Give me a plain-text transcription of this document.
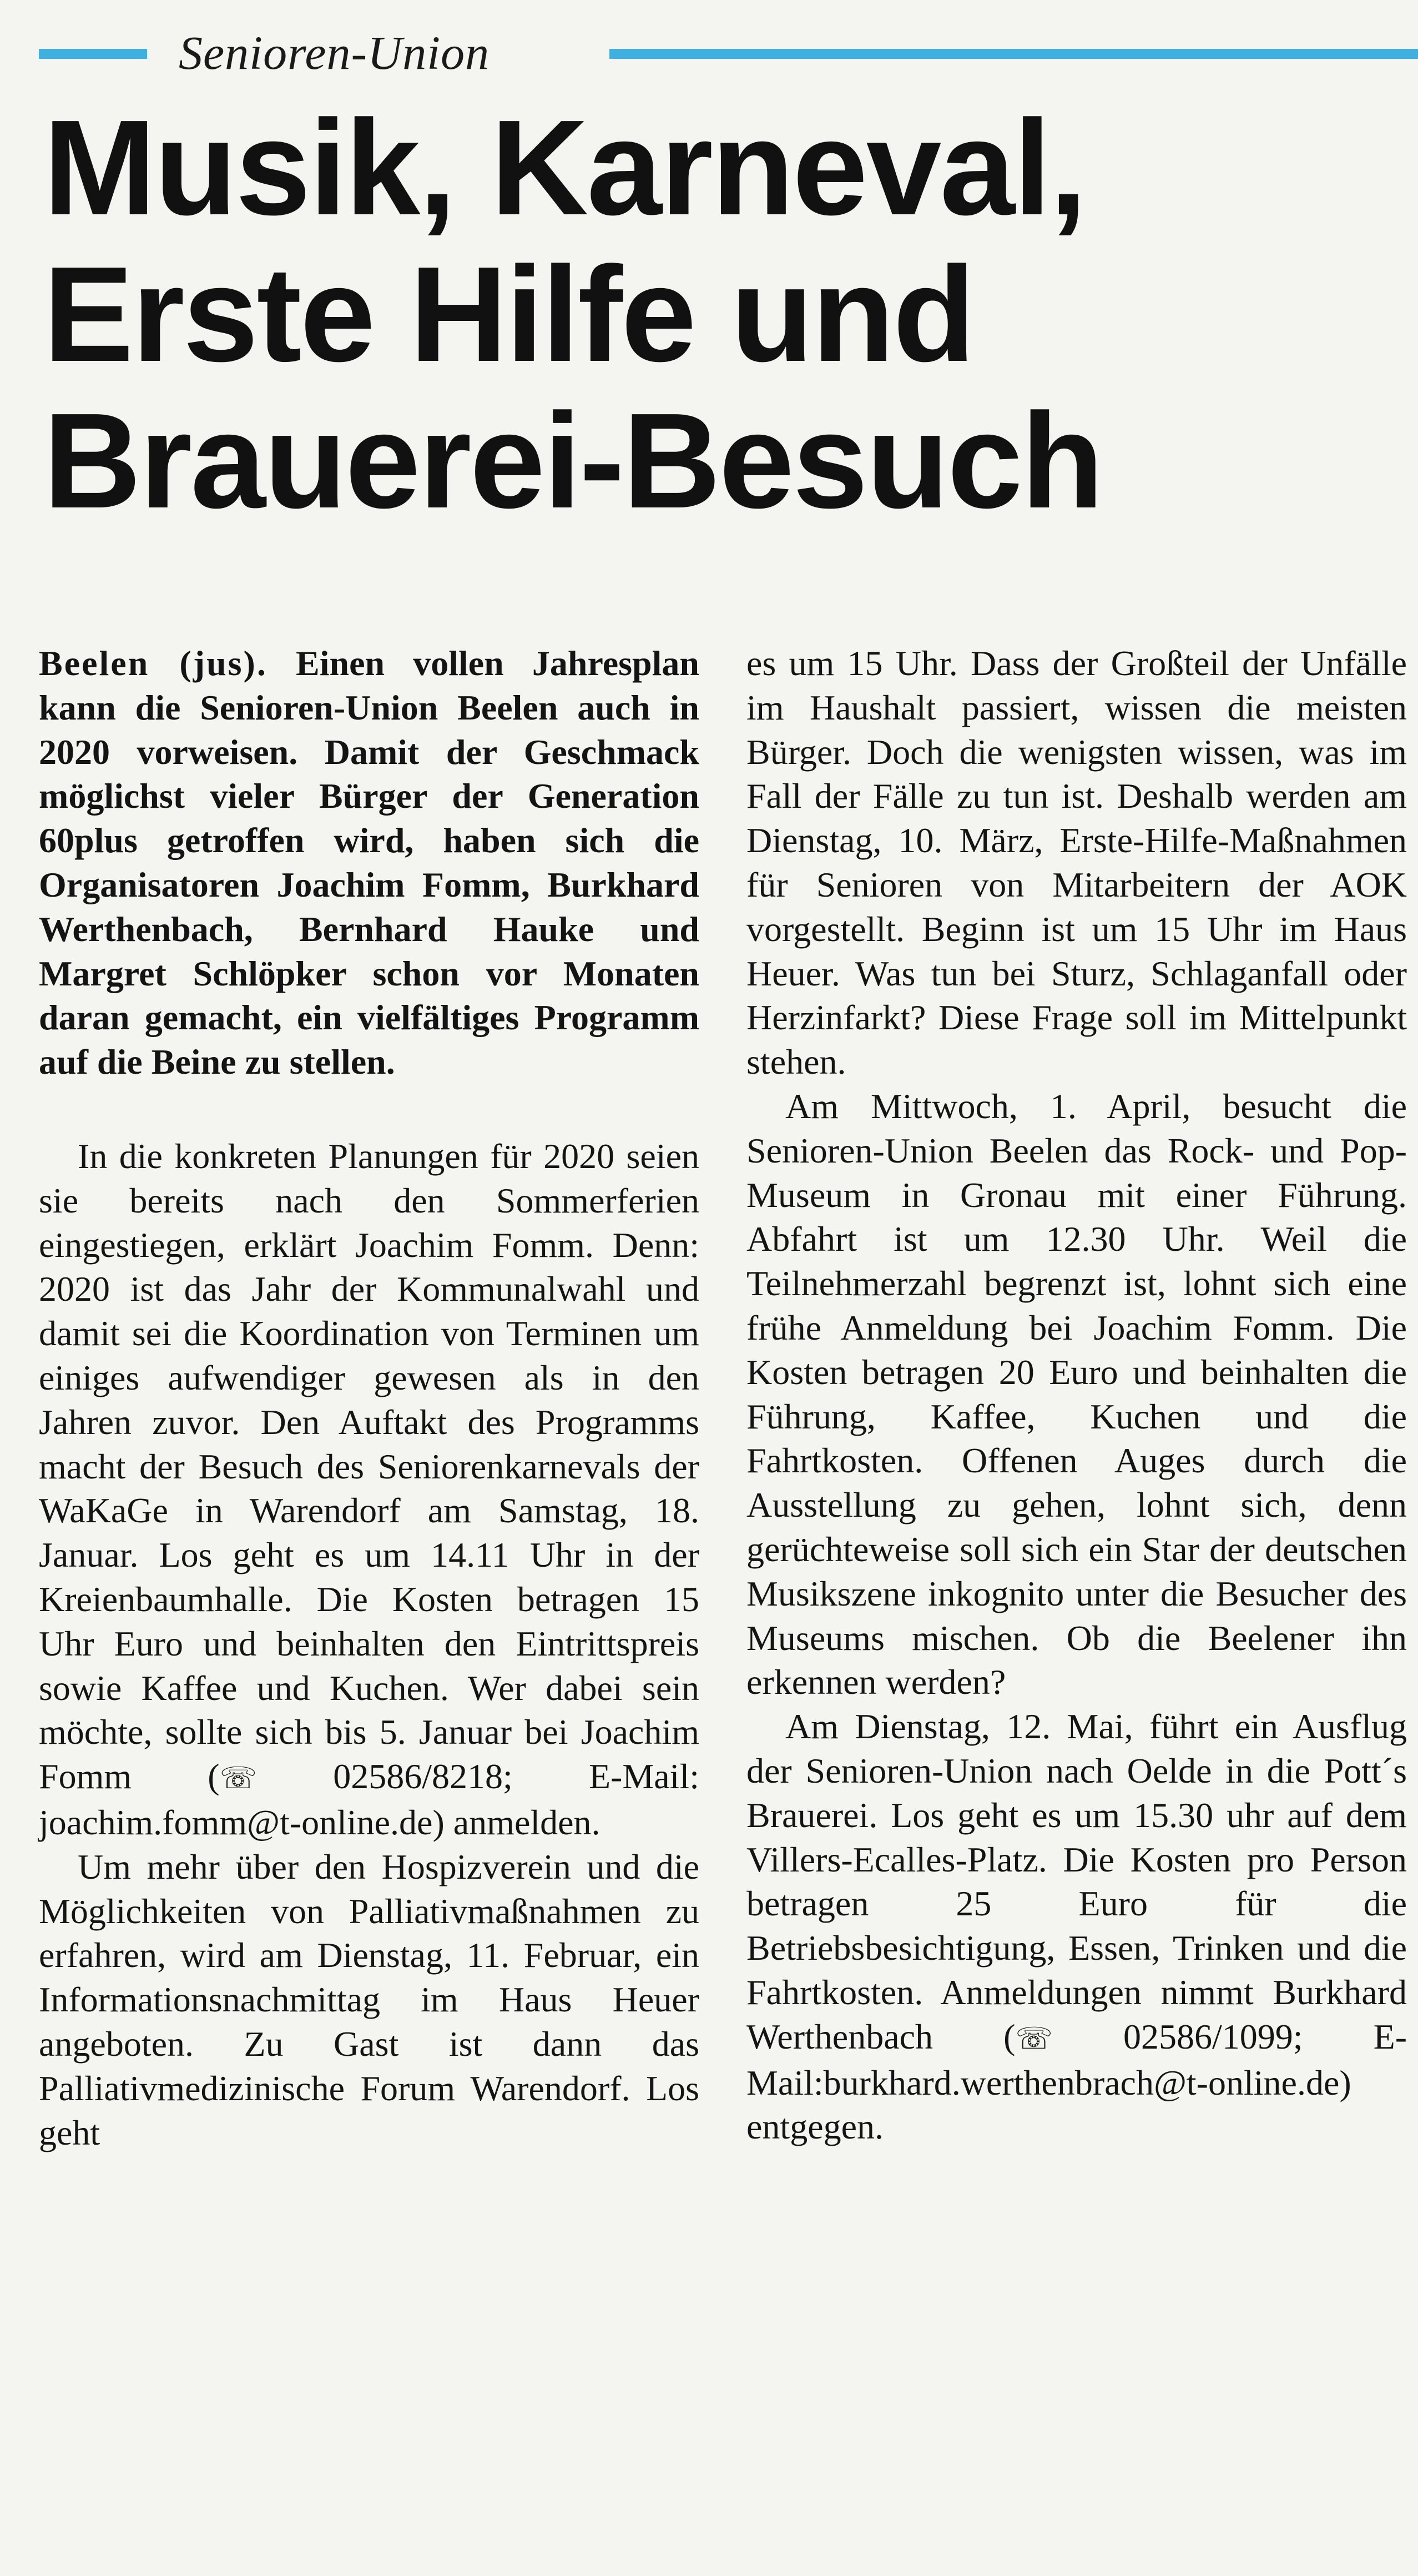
Senioren-Union
Musik, Karneval,
Erste Hilfe und
Brauerei-Besuch

Beelen (jus). Einen vollen Jahresplan kann die Senioren-Union Beelen auch in 2020 vorweisen. Damit der Geschmack möglichst vieler Bürger der Generation 60plus getroffen wird, haben sich die Organisatoren Joachim Fomm, Burkhard Werthenbach, Bernhard Hauke und Margret Schlöpker schon vor Monaten daran gemacht, ein vielfältiges Programm auf die Beine zu stellen.

In die konkreten Planungen für 2020 seien sie bereits nach den Sommerferien eingestiegen, erklärt Joachim Fomm. Denn: 2020 ist das Jahr der Kommunalwahl und damit sei die Koordination von Terminen um einiges aufwendiger gewesen als in den Jahren zuvor. Den Auftakt des Programms macht der Besuch des Seniorenkarnevals der WaKaGe in Warendorf am Samstag, 18. Januar. Los geht es um 14.11 Uhr in der Kreienbaumhalle. Die Kosten betragen 15 Uhr Euro und beinhalten den Eintrittspreis sowie Kaffee und Kuchen. Wer dabei sein möchte, sollte sich bis 5. Januar bei Joachim Fomm (☏ 02586/8218; E-Mail: joachim.fomm@t-online.de) anmelden.

Um mehr über den Hospizverein und die Möglichkeiten von Palliativmaßnahmen zu erfahren, wird am Dienstag, 11. Februar, ein Informationsnachmittag im Haus Heuer angeboten. Zu Gast ist dann das Palliativmedizinische Forum Warendorf. Los geht

es um 15 Uhr. Dass der Großteil der Unfälle im Haushalt passiert, wissen die meisten Bürger. Doch die wenigsten wissen, was im Fall der Fälle zu tun ist. Deshalb werden am Dienstag, 10. März, Erste-Hilfe-Maßnahmen für Senioren von Mitarbeitern der AOK vorgestellt. Beginn ist um 15 Uhr im Haus Heuer. Was tun bei Sturz, Schlaganfall oder Herzinfarkt? Diese Frage soll im Mittelpunkt stehen.

Am Mittwoch, 1. April, besucht die Senioren-Union Beelen das Rock- und Pop-Museum in Gronau mit einer Führung. Abfahrt ist um 12.30 Uhr. Weil die Teilnehmerzahl begrenzt ist, lohnt sich eine frühe Anmeldung bei Joachim Fomm. Die Kosten betragen 20 Euro und beinhalten die Führung, Kaffee, Kuchen und die Fahrtkosten. Offenen Auges durch die Ausstellung zu gehen, lohnt sich, denn gerüchteweise soll sich ein Star der deutschen Musikszene inkognito unter die Besucher des Museums mischen. Ob die Beelener ihn erkennen werden?

Am Dienstag, 12. Mai, führt ein Ausflug der Senioren-Union nach Oelde in die Pott´s Brauerei. Los geht es um 15.30 uhr auf dem Villers-Ecalles-Platz. Die Kosten pro Person betragen 25 Euro für die Betriebsbesichtigung, Essen, Trinken und die Fahrtkosten. Anmeldungen nimmt Burkhard Werthenbach (☏ 02586/1099; E-Mail:burkhard.werthenbrach@t-online.de) entgegen.
